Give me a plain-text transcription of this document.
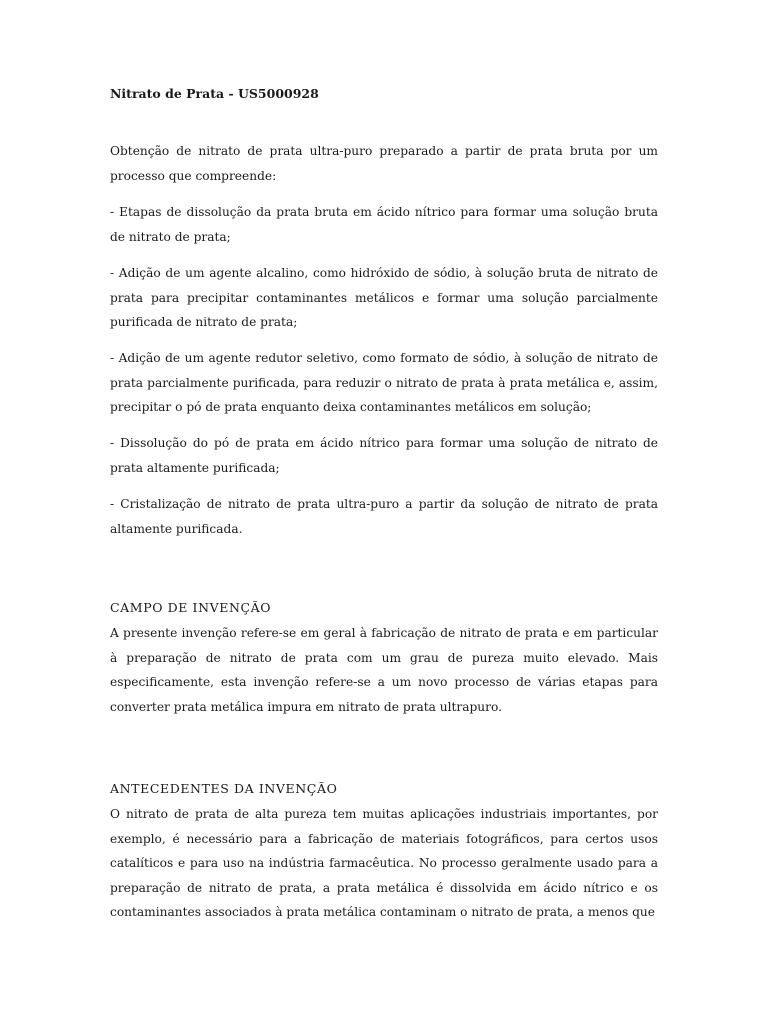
Nitrato de Prata - US5000928

Obtenção de nitrato de prata ultra-puro preparado a partir de prata bruta por um processo que compreende:

- Etapas de dissolução da prata bruta em ácido nítrico para formar uma solução bruta de nitrato de prata;

- Adição de um agente alcalino, como hidróxido de sódio, à solução bruta de nitrato de prata para precipitar contaminantes metálicos e formar uma solução parcialmente purificada de nitrato de prata;

- Adição de um agente redutor seletivo, como formato de sódio, à solução de nitrato de prata parcialmente purificada, para reduzir o nitrato de prata à prata metálica e, assim, precipitar o pó de prata enquanto deixa contaminantes metálicos em solução;

- Dissolução do pó de prata em ácido nítrico para formar uma solução de nitrato de prata altamente purificada;

- Cristalização de nitrato de prata ultra-puro a partir da solução de nitrato de prata altamente purificada.

CAMPO DE INVENÇÃO

A presente invenção refere-se em geral à fabricação de nitrato de prata e em particular à preparação de nitrato de prata com um grau de pureza muito elevado. Mais especificamente, esta invenção refere-se a um novo processo de várias etapas para converter prata metálica impura em nitrato de prata ultrapuro.

ANTECEDENTES DA INVENÇÃO

O nitrato de prata de alta pureza tem muitas aplicações industriais importantes, por exemplo, é necessário para a fabricação de materiais fotográficos, para certos usos catalíticos e para uso na indústria farmacêutica. No processo geralmente usado para a preparação de nitrato de prata, a prata metálica é dissolvida em ácido nítrico e os contaminantes associados à prata metálica contaminam o nitrato de prata, a menos que
